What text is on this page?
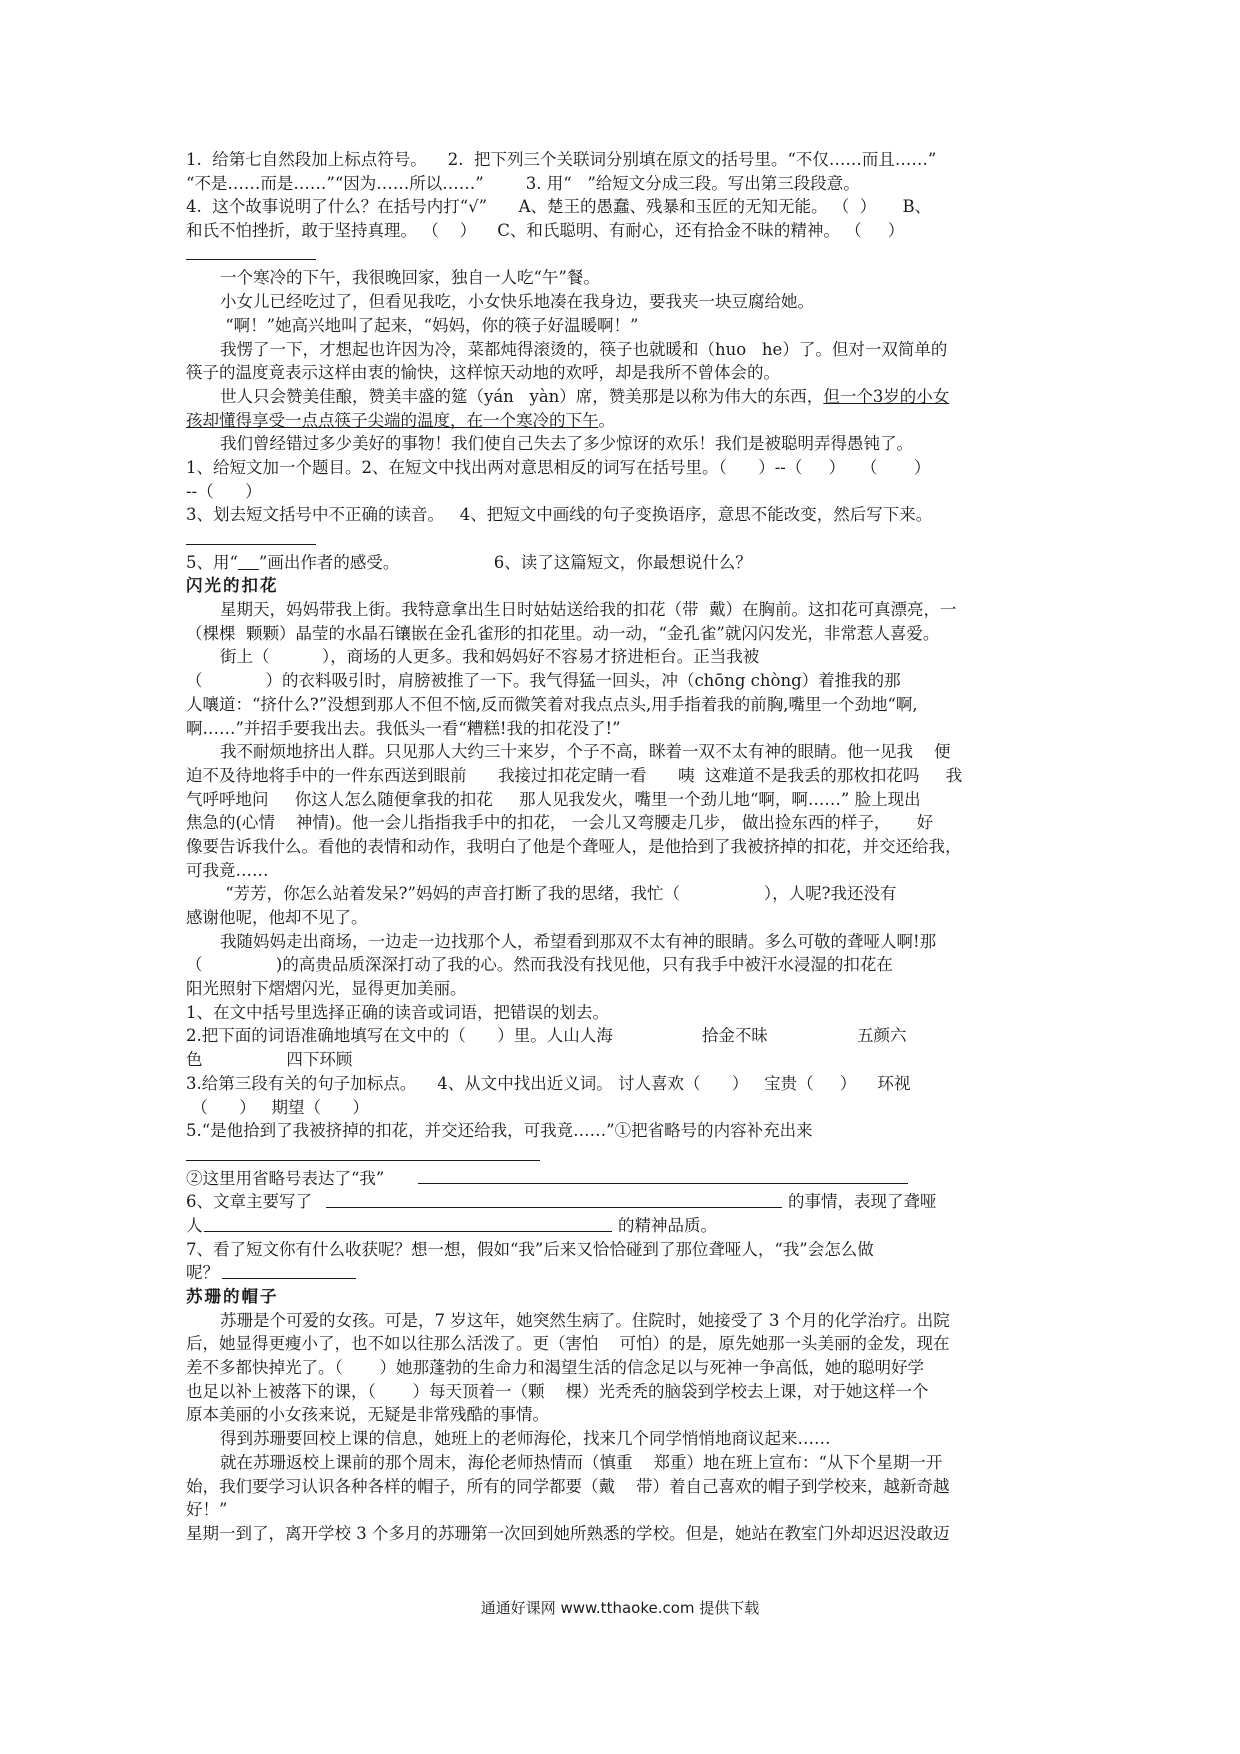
1.  给第七自然段加上标点符号。    2.  把下列三个关联词分别填在原文的括号里。“不仅……而且……”
“不是……而是……”“因为……所以……”        3. 用“   ”给短文分成三段。写出第三段段意。
4.  这个故事说明了什么？在括号内打“√”      A、楚王的愚蠢、残暴和玉匠的无知无能。 （  ）     B、
和氏不怕挫折，敢于坚持真理。 （    ）    C、和氏聪明、有耐心，还有拾金不昧的精神。 （     ）
一个寒冷的下午，我很晚回家，独自一人吃“午”餐。
小女儿已经吃过了，但看见我吃，小女快乐地凑在我身边，要我夹一块豆腐给她。
“啊！”她高兴地叫了起来，“妈妈，你的筷子好温暖啊！”
我愣了一下，才想起也许因为冷，菜都炖得滚烫的，筷子也就暖和（huo   he）了。但对一双简单的
筷子的温度竟表示这样由衷的愉快，这样惊天动地的欢呼，却是我所不曾体会的。
世人只会赞美佳酿，赞美丰盛的筵（yán   yàn）席，赞美那是以称为伟大的东西，但一个3岁的小女
孩却懂得享受一点点筷子尖端的温度，在一个寒冷的下午。
我们曾经错过多少美好的事物！我们使自己失去了多少惊讶的欢乐！我们是被聪明弄得愚钝了。
1、给短文加一个题目。2、在短文中找出两对意思相反的词写在括号里。（      ）--（     ）   （       ）
--（      ）
3、划去短文括号中不正确的读音。   4、把短文中画线的句子变换语序，意思不能改变，然后写下来。
5、用“ ”画出作者的感受。                  6、读了这篇短文，你最想说什么？
闪光的扣花
星期天，妈妈带我上街。我特意拿出生日时姑姑送给我的扣花（带  戴）在胸前。这扣花可真漂亮，一
（棵棵  颗颗）晶莹的水晶石镶嵌在金孔雀形的扣花里。动一动，“金孔雀”就闪闪发光，非常惹人喜爱。
街上（          ），商场的人更多。我和妈妈好不容易才挤进柜台。正当我被
（            ）的衣料吸引时，肩膀被推了一下。我气得猛一回头，冲（chōng chòng）着推我的那
人嚷道：“挤什么?”没想到那人不但不恼,反而微笑着对我点点头,用手指着我的前胸,嘴里一个劲地“啊,
啊……”并招手要我出去。我低头一看“糟糕!我的扣花没了!”
我不耐烦地挤出人群。只见那人大约三十来岁，个子不高，眯着一双不太有神的眼睛。他一见我    便
迫不及待地将手中的一件东西送到眼前      我接过扣花定睛一看      咦  这难道不是我丢的那枚扣花吗     我
气呼呼地问     你这人怎么随便拿我的扣花     那人见我发火，嘴里一个劲儿地“啊，啊……” 脸上现出
焦急的(心情    神情)。他一会儿指指我手中的扣花， 一会儿又弯腰走几步， 做出捡东西的样子，     好
像要告诉我什么。看他的表情和动作，我明白了他是个聋哑人，是他拾到了我被挤掉的扣花，并交还给我，
可我竟……
“芳芳，你怎么站着发呆?”妈妈的声音打断了我的思绪，我忙（                ），人呢?我还没有
感谢他呢，他却不见了。
我随妈妈走出商场，一边走一边找那个人，希望看到那双不太有神的眼睛。多么可敬的聋哑人啊!那
（              )的高贵品质深深打动了我的心。然而我没有找见他，只有我手中被汗水浸湿的扣花在
阳光照射下熠熠闪光，显得更加美丽。
1、在文中括号里选择正确的读音或词语，把错误的划去。
2.把下面的词语准确地填写在文中的（      ）里。人山人海                 拾金不昧                 五颜六
色                四下环顾
3.给第三段有关的句子加标点。    4、从文中找出近义词。 讨人喜欢（      ）   宝贵（     ）    环视
（      ）   期望（      ）
5.“是他拾到了我被挤掉的扣花，并交还给我，可我竟……”①把省略号的内容补充出来
②这里用省略号表达了“我”
6、文章主要写了	的事情，表现了聋哑
人	的精神品质。
7、看了短文你有什么收获呢？想一想，假如“我”后来又恰恰碰到了那位聋哑人，“我”会怎么做
呢？
苏珊的帽子
苏珊是个可爱的女孩。可是，7 岁这年，她突然生病了。住院时，她接受了 3 个月的化学治疗。出院
后，她显得更瘦小了，也不如以往那么活泼了。更（害怕    可怕）的是，原先她那一头美丽的金发，现在
差不多都快掉光了。（       ）她那蓬勃的生命力和渴望生活的信念足以与死神一争高低，她的聪明好学
也足以补上被落下的课，（       ）每天顶着一（颗    棵）光秃秃的脑袋到学校去上课，对于她这样一个
原本美丽的小女孩来说，无疑是非常残酷的事情。
得到苏珊要回校上课的信息，她班上的老师海伦，找来几个同学悄悄地商议起来……
就在苏珊返校上课前的那个周末，海伦老师热情而（慎重    郑重）地在班上宣布：“从下个星期一开
始，我们要学习认识各种各样的帽子，所有的同学都要（戴    带）着自己喜欢的帽子到学校来，越新奇越
好！”
星期一到了，离开学校 3 个多月的苏珊第一次回到她所熟悉的学校。但是，她站在教室门外却迟迟没敢迈
通通好课网 www.tthaoke.com 提供下载
